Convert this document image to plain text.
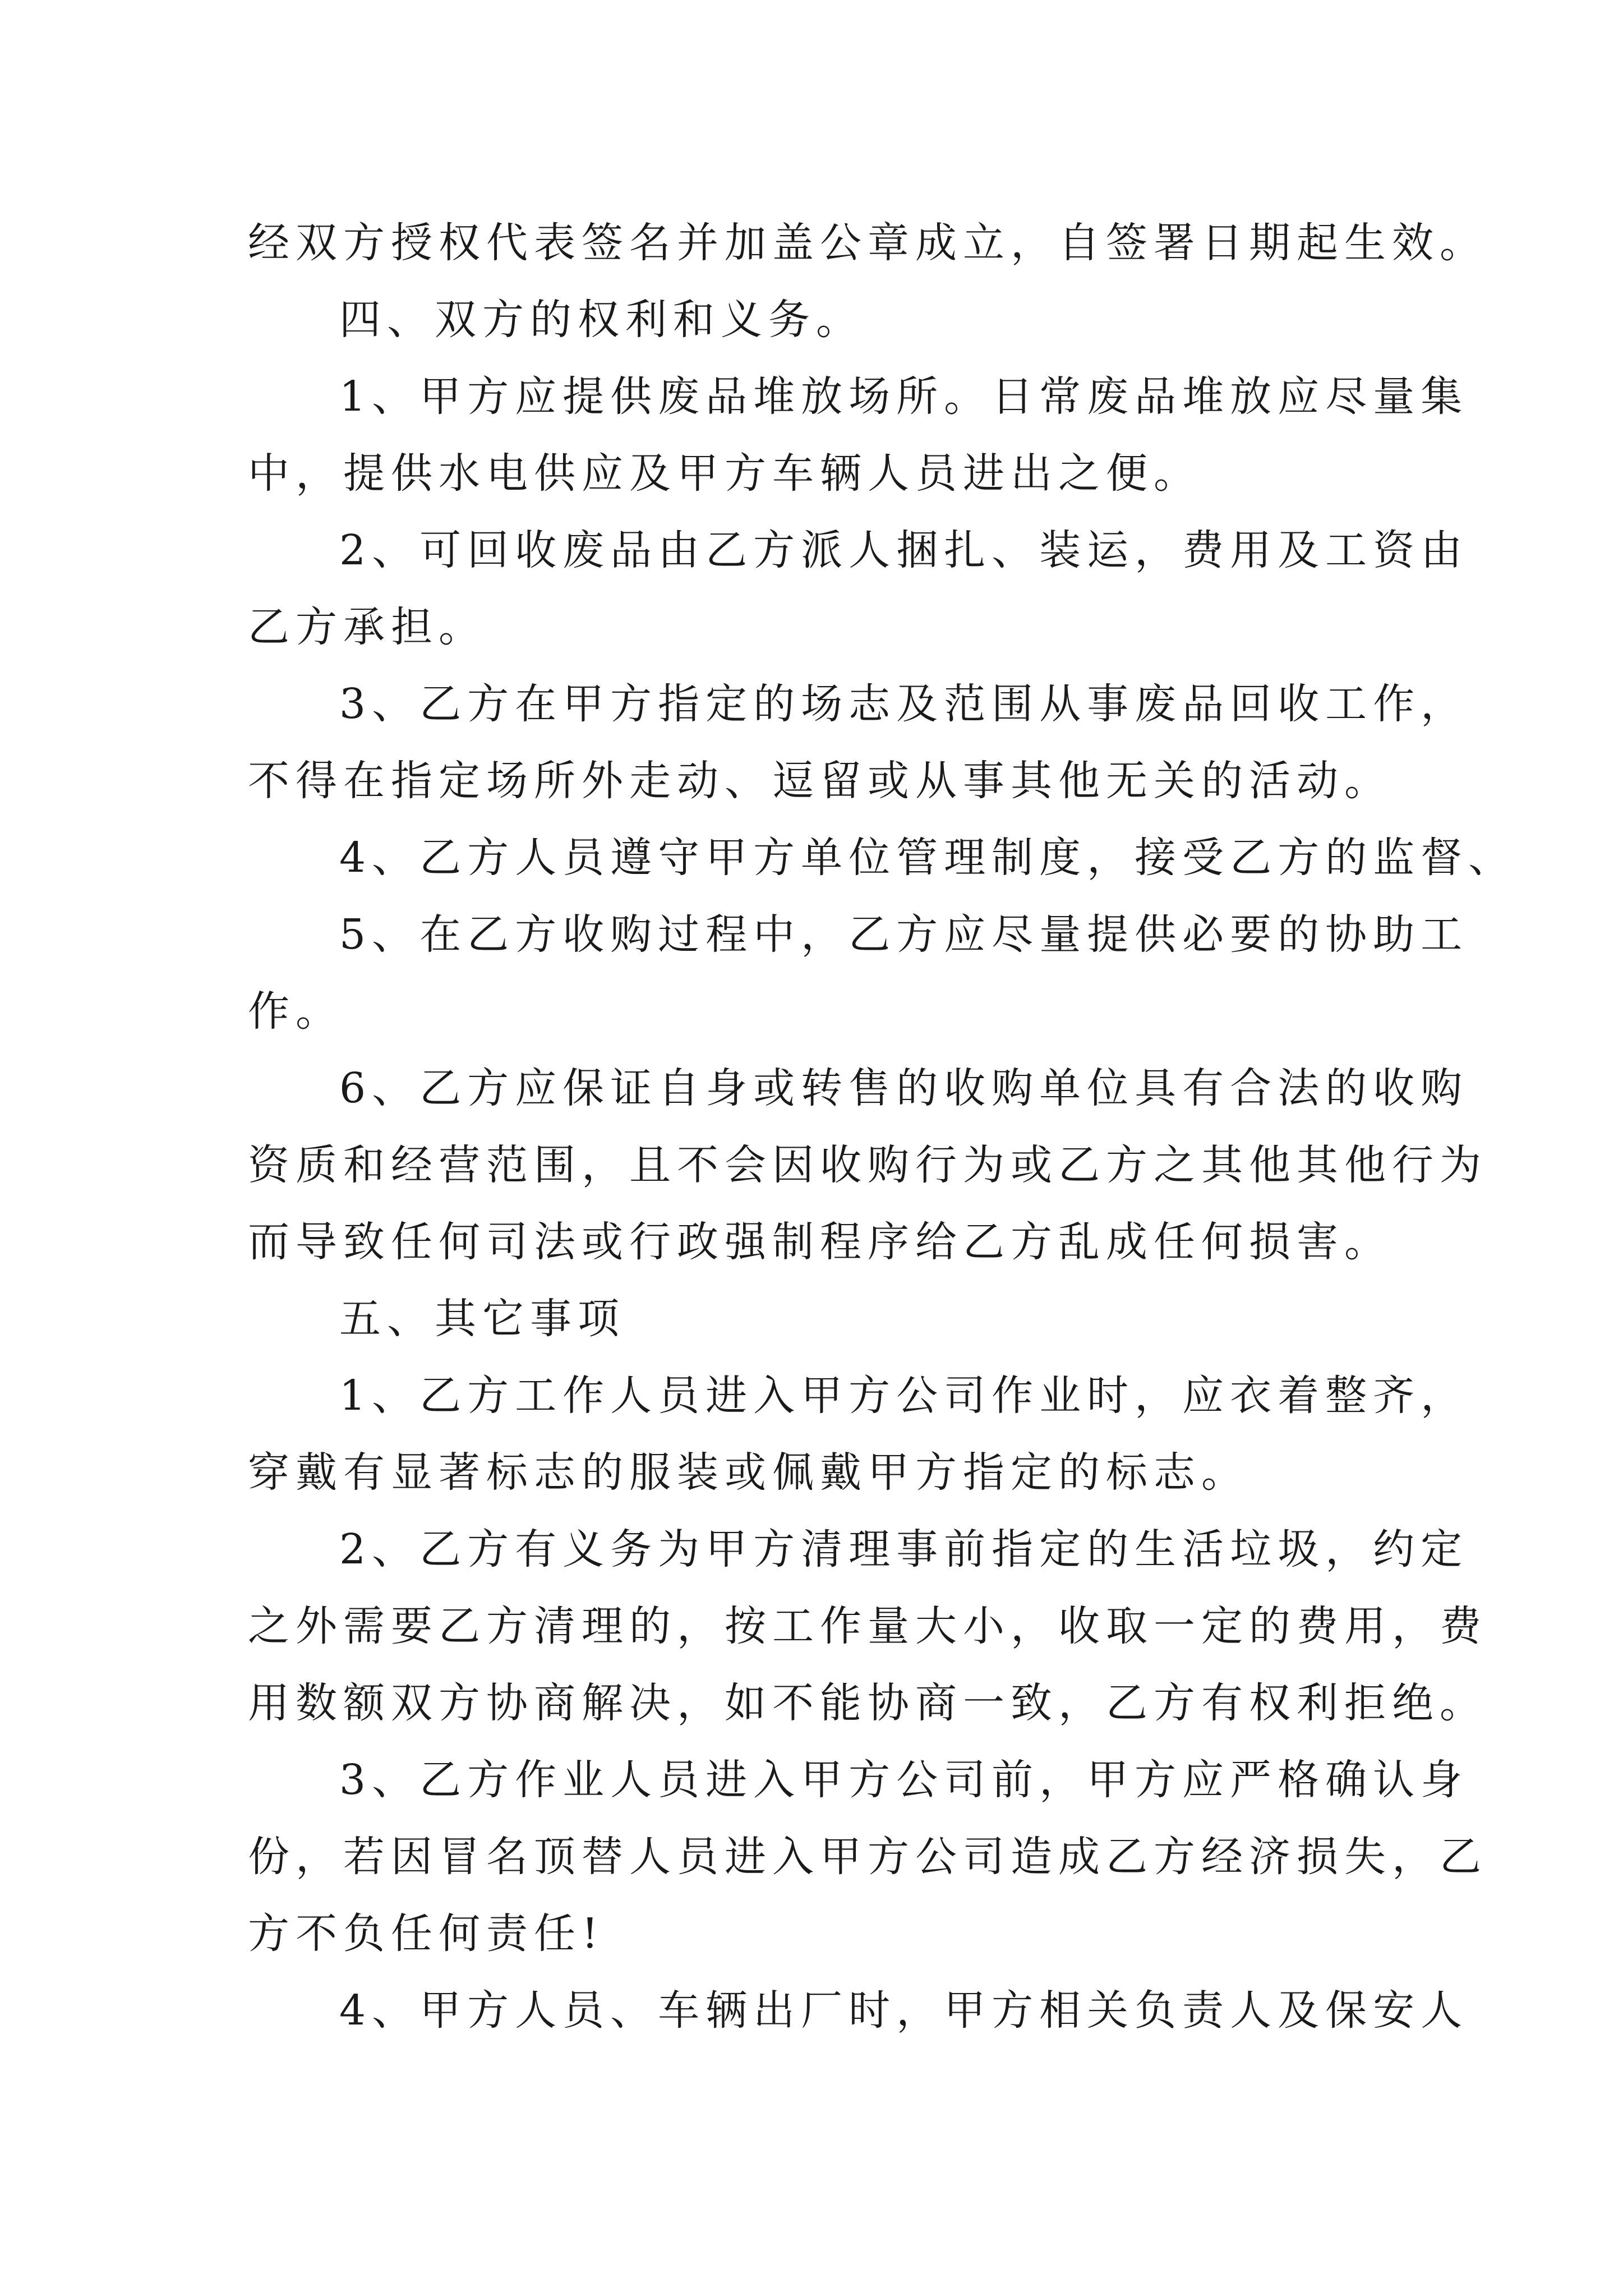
经双方授权代表签名并加盖公章成立，自签署日期起生效。
四、双方的权利和义务。
1、甲方应提供废品堆放场所。日常废品堆放应尽量集
中，提供水电供应及甲方车辆人员进出之便。
2、可回收废品由乙方派人捆扎、装运，费用及工资由
乙方承担。
3、乙方在甲方指定的场志及范围从事废品回收工作，
不得在指定场所外走动、逗留或从事其他无关的活动。
4、乙方人员遵守甲方单位管理制度，接受乙方的监督、
5、在乙方收购过程中，乙方应尽量提供必要的协助工
作。
6、乙方应保证自身或转售的收购单位具有合法的收购
资质和经营范围，且不会因收购行为或乙方之其他其他行为
而导致任何司法或行政强制程序给乙方乱成任何损害。
五、其它事项
1、乙方工作人员进入甲方公司作业时，应衣着整齐，
穿戴有显著标志的服装或佩戴甲方指定的标志。
2、乙方有义务为甲方清理事前指定的生活垃圾，约定
之外需要乙方清理的，按工作量大小，收取一定的费用，费
用数额双方协商解决，如不能协商一致，乙方有权利拒绝。
3、乙方作业人员进入甲方公司前，甲方应严格确认身
份，若因冒名顶替人员进入甲方公司造成乙方经济损失，乙
方不负任何责任!
4、甲方人员、车辆出厂时，甲方相关负责人及保安人
